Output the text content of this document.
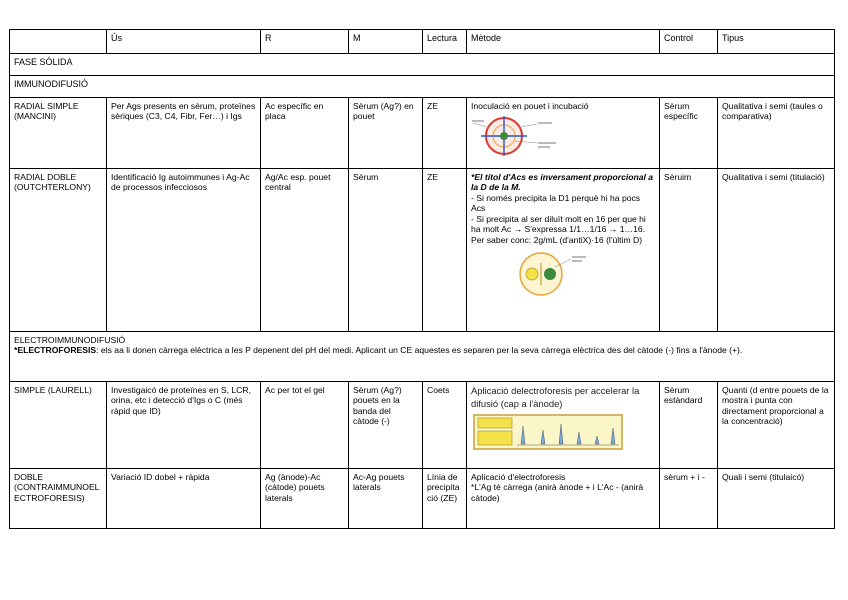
	Ús	R	M	Lectura	Mètode	Control	Tipus
FASE SÓLIDA							
IMMUNODIFUSIÓ							
RADIAL SIMPLE (MANCINI)	Per Ags presents en sèrum, proteïnes sèriques (C3, C4, Fibr, Fer…) i Igs	Ac específic en placa	Sèrum (Ag?) en pouet	ZE	Inoculació en pouet i incubació	Sèrum específic	Qualitativa i semi (taules o comparativa)
RADIAL DOBLE (OUTCHTERLONY)	Identificació Ig autoimmunes i Ag-Ac de processos infecciosos	Ag/Ac esp. pouet central	Sèrum	ZE	*El títol d'Acs es inversament proporcional a la D de la M.
- Si només precipita la D1 perquè hi ha pocs Acs
- Si precipita al ser diluït molt en 16 per que hi ha molt Ac → S'expressa 1/1…1/16 → 1…16. Per saber conc: 2g/mL (d'antiX)·16 (l'últim D)	Sèruim	Qualitativa i semi (titulació)

ELECTROIMMUNODIFUSIÓ
*ELECTROFORESIS: els aa li donen càrrega elèctrica a les P depenent del pH del medi. Aplicant un CE aquestes es separen per la seva càrrega elèctrica des del càtode (-) fins a l'ànode (+).							

SIMPLE (LAURELL)	Investigaicó de proteïnes en S, LCR, orina, etc i detecció d'Igs o C (més ràpid que ID)	Ac per tot el gel	Sèrum (Ag?) pouets en la banda del càtode (-)	Coets	Aplicació delectroforesis per accelerar la difusió (cap a l'ànode)	Sèrum estàndard	Quanti (d entre pouets de la mostra i punta con directament proporcional a la concentració)
DOBLE (CONTRAIMMUNOELECTROFORESIS)	Variació ID dobel + ràpida	Ag (ànode)-Ac (càtode) pouets laterals	Ac-Ag pouets laterals	Línia de precipitació (ZE)	Aplicació d'electroforesis
*L'Ag té càrrega (anirà ànode + i L'Ac - (anirà càtode)	sèrum + i -	Quali i semi (titulaicó)
